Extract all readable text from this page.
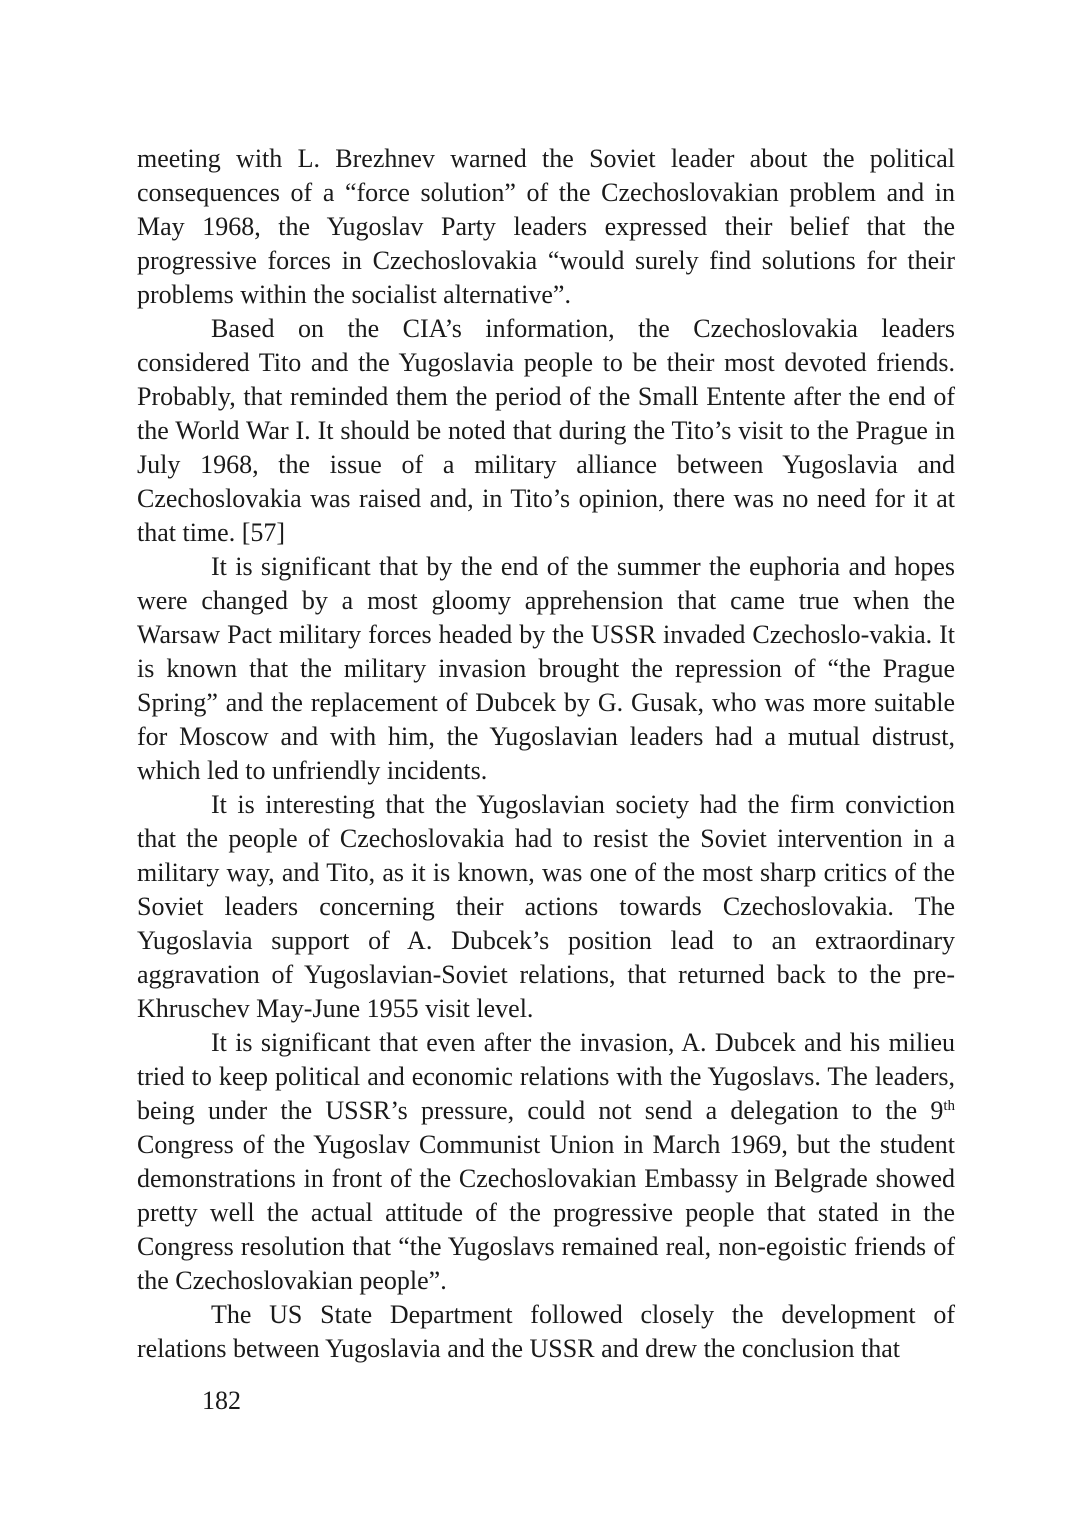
meeting with L. Brezhnev warned the Soviet leader about the political consequences of a “force solution” of the Czechoslovakian problem and in May 1968, the Yugoslav Party leaders expressed their belief that the progressive forces in Czechoslovakia “would surely find solutions for their problems within the socialist alternative”.

Based on the CIA’s information, the Czechoslovakia leaders considered Tito and the Yugoslavia people to be their most devoted friends. Probably, that reminded them the period of the Small Entente after the end of the World War I. It should be noted that during the Tito’s visit to the Prague in July 1968, the issue of a military alliance between Yugoslavia and Czechoslovakia was raised and, in Tito’s opinion, there was no need for it at that time. [57]

It is significant that by the end of the summer the euphoria and hopes were changed by a most gloomy apprehension that came true when the Warsaw Pact military forces headed by the USSR invaded Czechoslo-vakia. It is known that the military invasion brought the repression of “the Prague Spring” and the replacement of Dubcek by G. Gusak, who was more suitable for Moscow and with him, the Yugoslavian leaders had a mutual distrust, which led to unfriendly incidents.

It is interesting that the Yugoslavian society had the firm conviction that the people of Czechoslovakia had to resist the Soviet intervention in a military way, and Tito, as it is known, was one of the most sharp critics of the Soviet leaders concerning their actions towards Czechoslovakia. The Yugoslavia support of A. Dubcek’s position lead to an extraordinary aggravation of Yugoslavian-Soviet relations, that returned back to the pre-Khruschev May-June 1955 visit level.

It is significant that even after the invasion, A. Dubcek and his milieu tried to keep political and economic relations with the Yugoslavs. The leaders, being under the USSR’s pressure, could not send a delegation to the 9th Congress of the Yugoslav Communist Union in March 1969, but the student demonstrations in front of the Czechoslovakian Embassy in Belgrade showed pretty well the actual attitude of the progressive people that stated in the Congress resolution that “the Yugoslavs remained real, non-egoistic friends of the Czechoslovakian people”.

The US State Department followed closely the development of relations between Yugoslavia and the USSR and drew the conclusion that

182
